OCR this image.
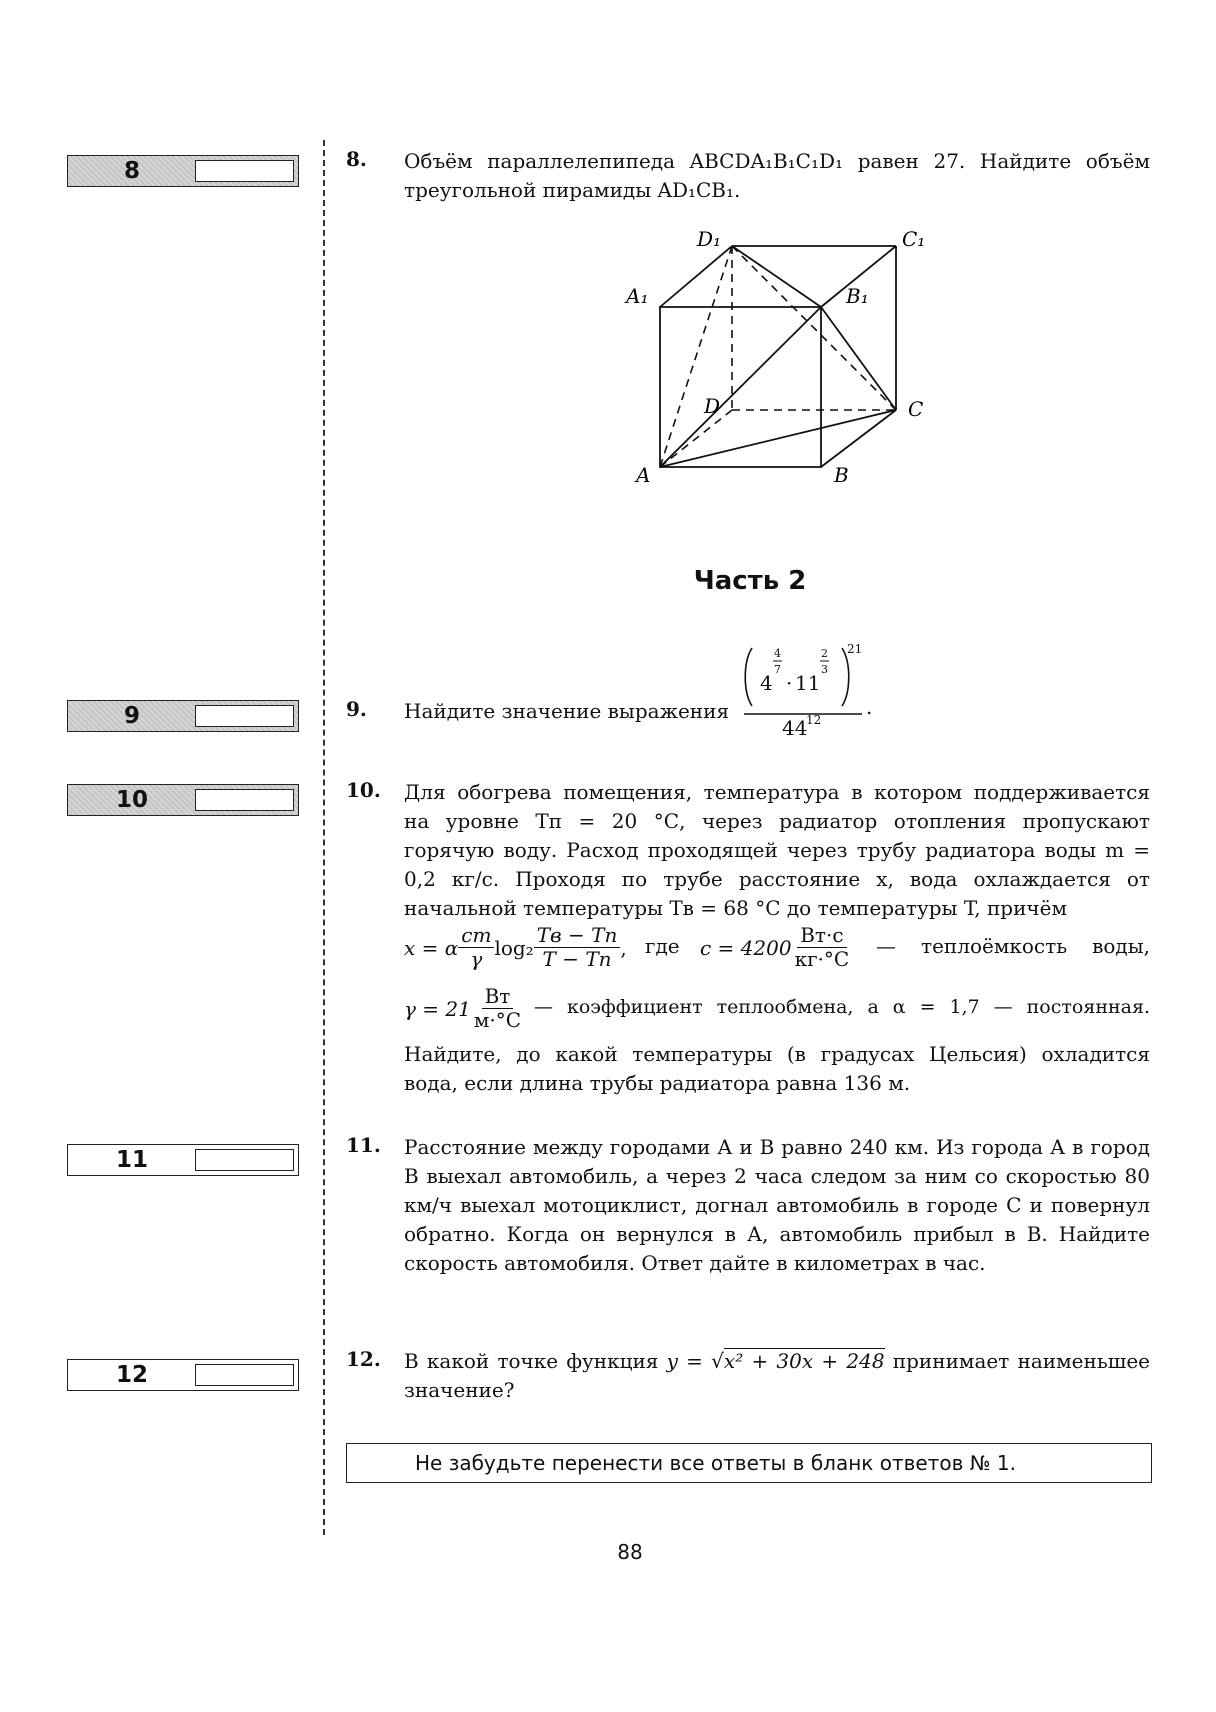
8
9
10
11
12
8. Объём параллелепипеда ABCDA₁B₁C₁D₁ равен 27. Найдите объём треугольной пирамиды AD₁CB₁.
D₁	C₁
A₁	B₁
D	C
A	B
Часть 2
9. Найдите значение выражения
4
4
7
· 11
2
3
21
44
12
.
10. Для обогрева помещения, температура в котором поддерживается на уровне Tп = 20 °С, через радиатор отопления пропускают горячую воду. Расход проходящей через трубу радиатора воды m = 0,2 кг/с. Проходя по трубе расстояние x, вода охлаждается от начальной температуры Tв = 68 °С до температуры T, причём
x = α $\frac{cm}{\gamma} \log_2 \frac{Tв - Tп}{T - Tп}$ , где $c = 4200 \frac{Вт\cdot с}{кг\cdot^\circ С}$ — теплоёмкость воды,
$\gamma = 21 \frac{Вт}{м\cdot^\circ С}$ — коэффициент теплообмена, а α = 1,7 — постоянная.
Найдите, до какой температуры (в градусах Цельсия) охладится вода, если длина трубы радиатора равна 136 м.
11. Расстояние между городами А и В равно 240 км. Из города А в город В выехал автомобиль, а через 2 часа следом за ним со скоростью 80 км/ч выехал мотоциклист, догнал автомобиль в городе С и повернул обратно. Когда он вернулся в А, автомобиль прибыл в В. Найдите скорость автомобиля. Ответ дайте в километрах в час.
12. В какой точке функция y = √x² + 30x + 248 принимает наименьшее значение?
Не забудьте перенести все ответы в бланк ответов № 1.
88
